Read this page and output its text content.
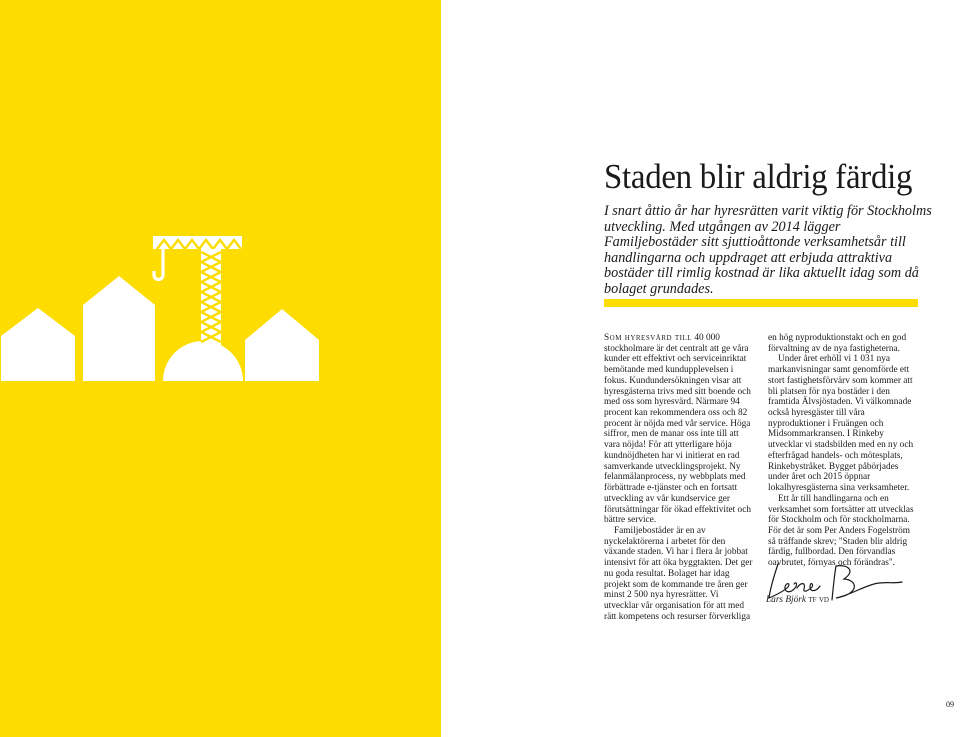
Staden blir aldrig färdig

I snart åttio år har hyresrätten varit viktig för Stockholms utveckling. Med utgången av 2014 lägger Familjebostäder sitt sjuttioåttonde verksamhetsår till handlingarna och uppdraget att erbjuda attraktiva bostäder till rimlig kostnad är lika aktuellt idag som då bolaget grundades.

Som hyresvärd till 40 000 stockholmare är det centralt att ge våra kunder ett effektivt och serviceinriktat bemötande med kundupplevelsen i fokus. Kundundersökningen visar att hyresgästerna trivs med sitt boende och med oss som hyresvärd. Närmare 94 procent kan rekommendera oss och 82 procent är nöjda med vår service. Höga siffror, men de manar oss inte till att vara nöjda! För att ytterligare höja kundnöjdheten har vi initierat en rad samverkande utvecklingsprojekt. Ny felanmälanprocess, ny webbplats med förbättrade e-tjänster och en fortsatt utveckling av vår kundservice ger förutsättningar för ökad effektivitet och bättre service.

Familjebostäder är en av nyckelaktörerna i arbetet för den växande staden. Vi har i flera år jobbat intensivt för att öka byggtakten. Det ger nu goda resultat. Bolaget har idag projekt som de kommande tre åren ger minst 2 500 nya hyresrätter. Vi utvecklar vår organisation för att med rätt kompetens och resurser förverkliga

en hög nyproduktionstakt och en god förvaltning av de nya fastigheterna.

Under året erhöll vi 1 031 nya markanvisningar samt genomförde ett stort fastighetsförvärv som kommer att bli platsen för nya bostäder i den framtida Älvsjöstaden. Vi välkomnade också hyresgäster till våra nyproduktioner i Fruängen och Midsommarkransen. I Rinkeby utvecklar vi stadsbilden med en ny och efterfrågad handels- och mötesplats, Rinkebystråket. Bygget påbörjades under året och 2015 öppnar lokalhyresgästerna sina verksamheter.

Ett år till handlingarna och en verksamhet som fortsätter att utvecklas för Stockholm och för stockholmarna. För det är som Per Anders Fogelström så träffande skrev; "Staden blir aldrig färdig, fullbordad. Den förvandlas oavbrutet, förnyas och förändras".

Lars Björk tf vd

09
